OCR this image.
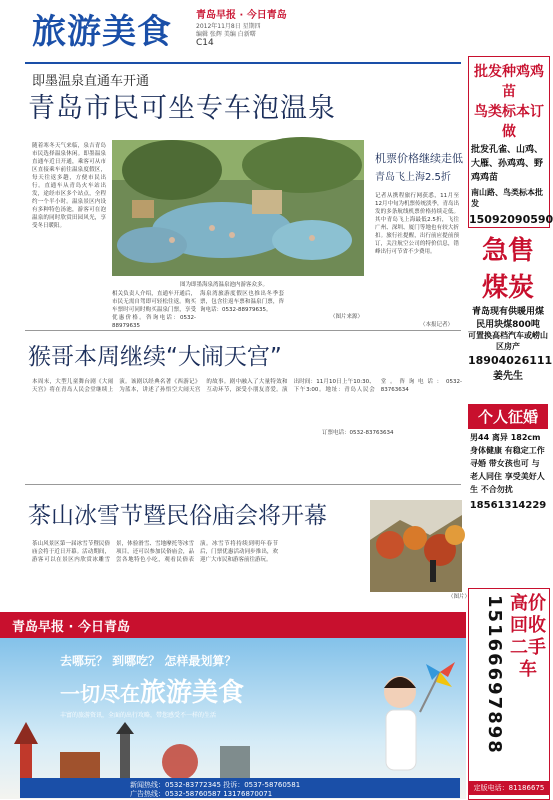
旅游美食 青岛早报 · 今日青岛
2012年11月8日 星期四
编辑 张辉 美编 白新曙
C14
即墨温泉直通车开通
青岛市民可坐专车泡温泉
随着寒冬天气来临，泉吉青岛市民选择温泉休闲。即墨温泉直通车近日开通，乘客可从市区直接乘车前往温泉度假区，每天往返多趟，方便市民出行。直通车从青岛火车站出发，途经市区多个站点，全程约一个半小时。温泉景区内设有多种特色汤池，游客可在泡温泉的同时欣赏田园风光，享受冬日暖阳。
图为即墨海泉湾温泉池内游客众多。
相关负责人介绍，直通车开通后，市民无需自驾即可轻松往返。购买车票时可同时购买温泉门票，享受优惠价格。咨询电话：0532-88979635
海泉湾旅游度假区也推出冬季套票，包含往返车票和温泉门票，咨询电话：0532-88979635。
（图片来源）
机票价格继续走低
青岛飞上海2.5折
记者从携程旅行网获悉，11月至12月中旬为机票传统淡季，青岛出发的多条航线机票价格持续走低。其中青岛飞上海最低2.5折，飞往广州、深圳、厦门等地也有较大折扣。旅行社提醒，出行前应提前预订，关注航空公司的特价信息，错峰出行可节省不少费用。
（本报记者）
猴哥本周继续“大闹天宫”
本周末，大型儿童舞台剧《大闹天宫》将在青岛人民会堂继续上演。该剧以经典名著《西游记》为蓝本，讲述了孙悟空大闹天宫的故事。剧中融入了大量特效和互动环节，深受小朋友喜爱。演出时间：11月10日上午10:30、下午3:00。地址：青岛人民会堂。咨询电话：0532-83763634
订票电话：0532-83763634
茶山冰雪节暨民俗庙会将开幕
茶山风景区第一届冰雪节暨民俗庙会将于近日开幕。活动期间，游客可以在景区内欣赏冰雕雪景，体验滑雪、雪地摩托等冰雪项目，还可以参加民俗庙会，品尝各地特色小吃，观看民俗表演。冰雪节将持续到明年春节后，门票优惠活动同步推出，欢迎广大市民和游客前往游玩。
（图片）
青岛早报 · 今日青岛
去哪玩？ 到哪吃？ 怎样最划算？
一切尽在 旅游美食
丰富的旅游资讯，全面的出行攻略，带您感受不一样的生活
新闻热线：0532-83772345 投诉：0537-58760581
广告热线：0532-58760587 13176870071
批发种鸡鸡苗
鸟类标本订做
批发孔雀、山鸡、大雁、孙鸡鸡、野鸡鸡苗
南山路、鸟类标本批发
15092090590
急售
煤炭
青岛现有供暖用煤
民用块煤800吨
可置换高档汽车或崂山区房产
18904026111
姜先生
个人征婚
男44 离异 182cm 身体健康 有稳定工作 寻婚 带女孩也可 与老人同住 享受美好人生 不合勿扰
18561314229
15166697898 高价回收二手车
定版电话：81186675
